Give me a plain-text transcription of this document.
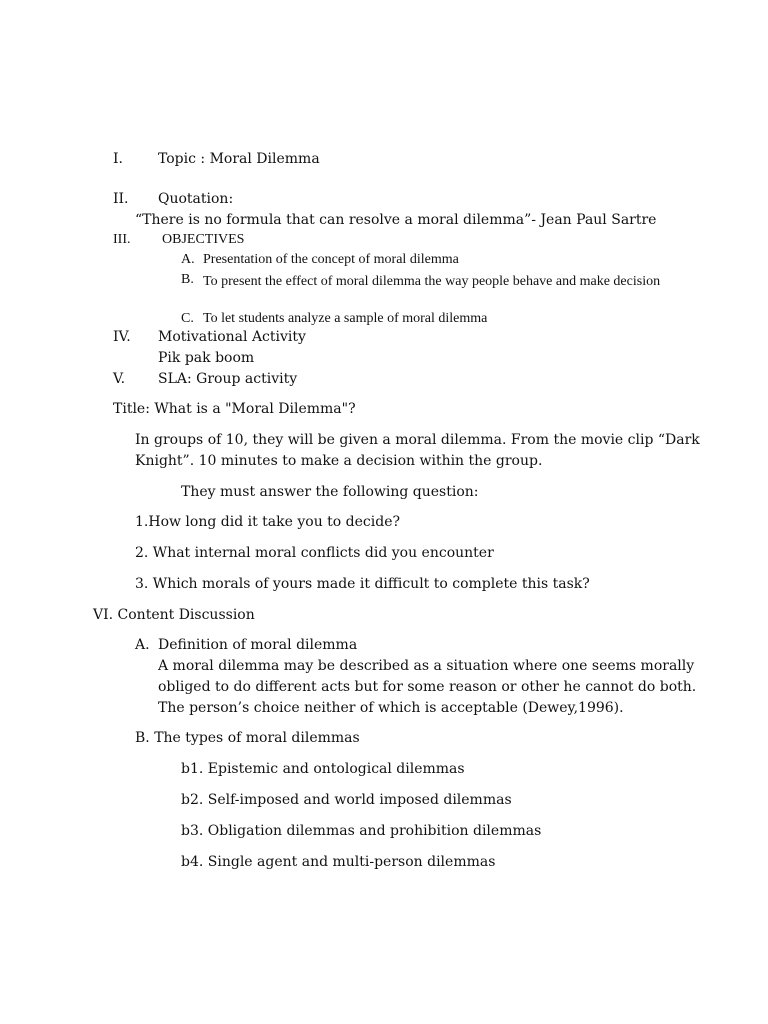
I.	Topic : Moral Dilemma
II. Quotation:
“There is no formula that can resolve a moral dilemma”- Jean Paul Sartre
III. OBJECTIVES
A. Presentation of the concept of moral dilemma
B. To present the effect of moral dilemma the way people behave and make decision
C. To let students analyze a sample of moral dilemma
IV. Motivational Activity
Pik pak boom
V. SLA: Group activity
Title: What is a "Moral Dilemma"?
In groups of 10, they will be given a moral dilemma. From the movie clip “Dark
Knight”. 10 minutes to make a decision within the group.
They must answer the following question:
1.How long did it take you to decide?
2. What internal moral conflicts did you encounter
3. Which morals of yours made it difficult to complete this task?
VI. Content Discussion
A. Definition of moral dilemma
A moral dilemma may be described as a situation where one seems morally
obliged to do different acts but for some reason or other he cannot do both.
The person’s choice neither of which is acceptable (Dewey,1996).
B. The types of moral dilemmas
b1. Epistemic and ontological dilemmas
b2. Self-imposed and world imposed dilemmas
b3. Obligation dilemmas and prohibition dilemmas
b4. Single agent and multi-person dilemmas
